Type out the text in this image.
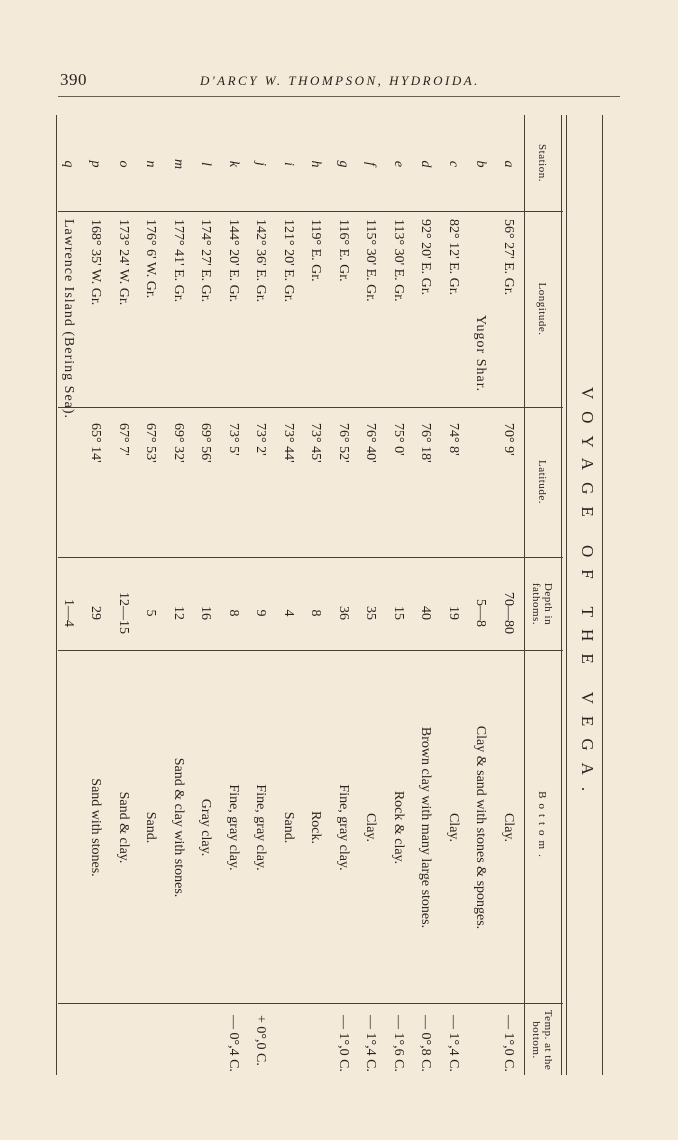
390	D'ARCY W. THOMPSON, HYDROIDA.
VOYAGE OF THE VEGA.
Station.
Longitude.
Latitude.
Depth in fathoms.
Bottom.
Temp. at the bottom.
a
56° 27' E. Gr.
70° 9'
70—80
Clay.
— 1°,0 C.
b
5—8
Clay & sand with stones & sponges.
Yugor Shar.
c
82° 12' E. Gr.
74° 8'
19
Clay.
— 1°,4 C.
d
92° 20' E. Gr.
76° 18'
40
Brown clay with many large stones.
— 0°,8 C.
e
113° 30' E. Gr.
75° 0'
15
Rock & clay.
— 1°,6 C.
f
115° 30' E. Gr.
76° 40'
35
Clay.
— 1°,4 C.
g
116° E. Gr.
76° 52'
36
Fine, gray clay.
— 1°,0 C.
h
119° E. Gr.
73° 45'
8
Rock.
i
121° 20' E. Gr.
73° 44'
4
Sand.
j
142° 36' E. Gr.
73° 2'
9
Fine, gray clay.
+ 0°,0 C.
k
144° 20' E. Gr.
73° 5'
8
Fine, gray clay.
— 0°,4 C.
l
174° 27' E. Gr.
69° 56'
16
Gray clay.
m
177° 41' E. Gr.
69° 32'
12
Sand & clay with stones.
n
176° 6' W. Gr.
67° 53'
5
Sand.
o
173° 24' W. Gr.
67° 7'
12—15
Sand & clay.
p
168° 35' W. Gr.
65° 14'
29
Sand with stones.
q
1—4
Lawrence Island (Bering Sea).
